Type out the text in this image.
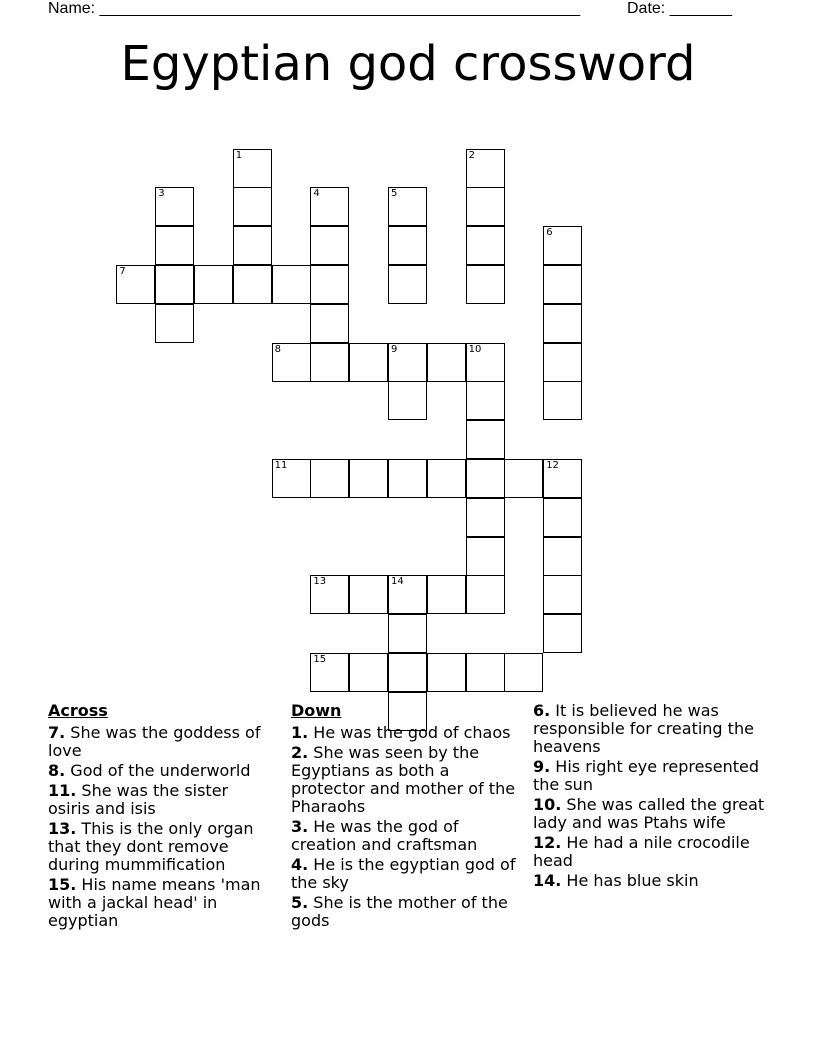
Name: ______________________________________________________	Date: _______
Egyptian god crossword
1	2
3	4	5
6
7
8	9	10
11	12
13	14
15
Across
7. She was the goddess of love
8. God of the underworld
11. She was the sister osiris and isis
13. This is the only organ that they dont remove during mummification
15. His name means 'man with a jackal head' in egyptian
Down
1. He was the god of chaos
2. She was seen by the Egyptians as both a protector and mother of the Pharaohs
3. He was the god of creation and craftsman
4. He is the egyptian god of the sky
5. She is the mother of the gods
6. It is believed he was responsible for creating the heavens
9. His right eye represented the sun
10. She was called the great lady and was Ptahs wife
12. He had a nile crocodile head
14. He has blue skin
